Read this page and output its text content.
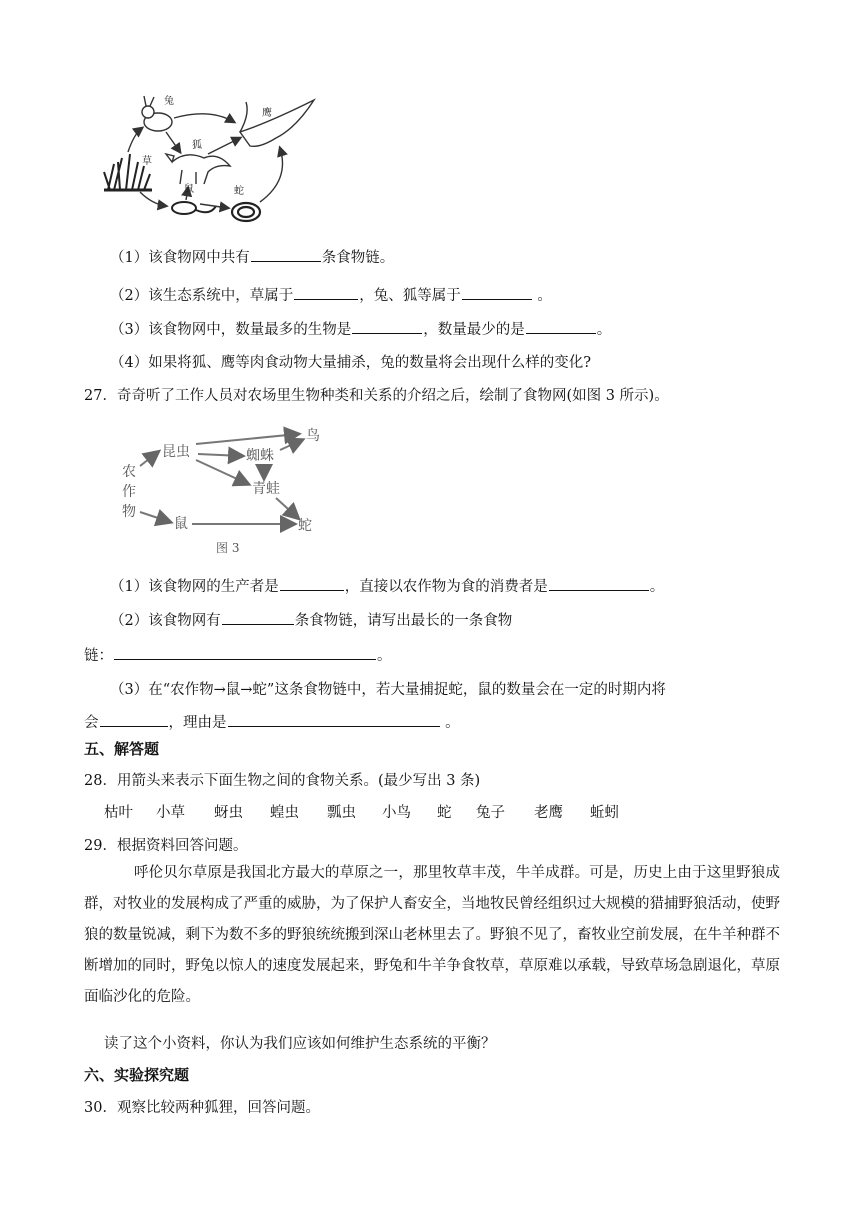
兔
鹰
狐
草
鼠	蛇
（1）该食物网中共有	条食物链。
（2）该生态系统中，草属于	，兔、狐等属于	。
（3）该食物网中，数量最多的生物是	，数量最少的是	。
（4）如果将狐、鹰等肉食动物大量捕杀，兔的数量将会出现什么样的变化?
27．奇奇听了工作人员对农场里生物种类和关系的介绍之后，绘制了食物网(如图 3 所示)。
农
作
物
昆虫
鸟
蜘蛛
青蛙
鼠	蛇
图 3
（1）该食物网的生产者是	，直接以农作物为食的消费者是	。
（2）该食物网有	条食物链，请写出最长的一条食物
链：	。
（3）在“农作物→鼠→蛇”这条食物链中，若大量捕捉蛇，鼠的数量会在一定的时期内将
会	，理由是	。
五、解答题
28．用箭头来表示下面生物之间的食物关系。(最少写出 3 条)
枯叶 小草 蚜虫 蝗虫 瓢虫 小鸟 蛇 兔子 老鹰 蚯蚓
29．根据资料回答问题。
呼伦贝尔草原是我国北方最大的草原之一，那里牧草丰茂，牛羊成群。可是，历史上由于这里野狼成群，对牧业的发展构成了严重的威胁，为了保护人畜安全，当地牧民曾经组织过大规模的猎捕野狼活动，使野狼的数量锐减，剩下为数不多的野狼统统搬到深山老林里去了。野狼不见了，畜牧业空前发展，在牛羊种群不断增加的同时，野兔以惊人的速度发展起来，野兔和牛羊争食牧草，草原难以承载，导致草场急剧退化，草原面临沙化的危险。
读了这个小资料，你认为我们应该如何维护生态系统的平衡？
六、实验探究题
30．观察比较两种狐狸，回答问题。
